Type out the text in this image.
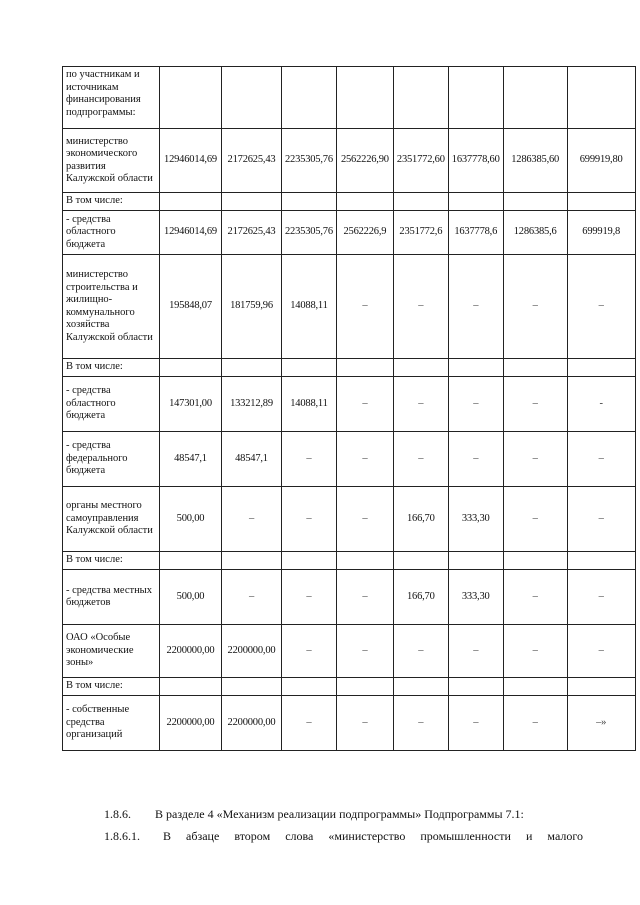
по участникам и источникам финансирования подпрограммы:								
министерство экономического развития Калужской области	12946014,69	2172625,43	2235305,76	2562226,90	2351772,60	1637778,60	1286385,60	699919,80
В том числе:								
- средства областного бюджета	12946014,69	2172625,43	2235305,76	2562226,9	2351772,6	1637778,6	1286385,6	699919,8
министерство строительства и жилищно-коммунального хозяйства Калужской области	195848,07	181759,96	14088,11	–	–	–	–	–
В том числе:								
- средства областного бюджета	147301,00	133212,89	14088,11	–	–	–	–	-
- средства федерального бюджета	48547,1	48547,1	–	–	–	–	–	–
органы местного самоуправления Калужской области	500,00	–	–	–	166,70	333,30	–	–
В том числе:								
- средства местных бюджетов	500,00	–	–	–	166,70	333,30	–	–
ОАО «Особые экономические зоны»	2200000,00	2200000,00	–	–	–	–	–	–
В том числе:								
- собственные средства организаций	2200000,00	2200000,00	–	–	–	–	–	–»
1.8.6. В разделе 4 «Механизм реализации подпрограммы» Подпрограммы 7.1:
1.8.6.1. В абзаце втором слова «министерство промышленности и малого
